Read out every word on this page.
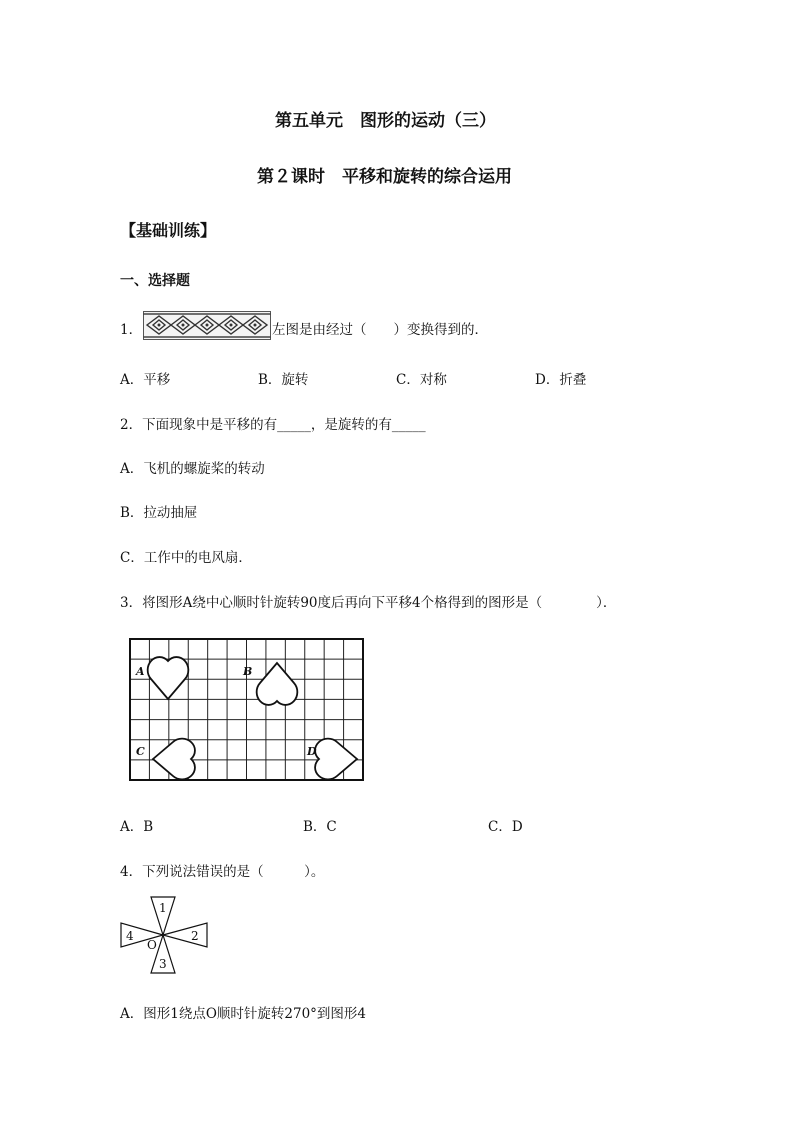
第五单元　图形的运动（三）
第２课时　平移和旋转的综合运用
【基础训练】
一、选择题
1．	左图是由经过（　　）变换得到的．
A．平移	B．旋转	C．对称	D．折叠
2．下面现象中是平移的有_____，是旋转的有_____
A．飞机的螺旋桨的转动
B．拉动抽屉
C．工作中的电风扇．
3．将图形A绕中心顺时针旋转90度后再向下平移4个格得到的图形是（　　　　）．
A	B
C	D
A．B	B．C	C．D
4．下列说法错误的是（　　　）。
1
2
3
4
O
A．图形1绕点O顺时针旋转270°到图形4
